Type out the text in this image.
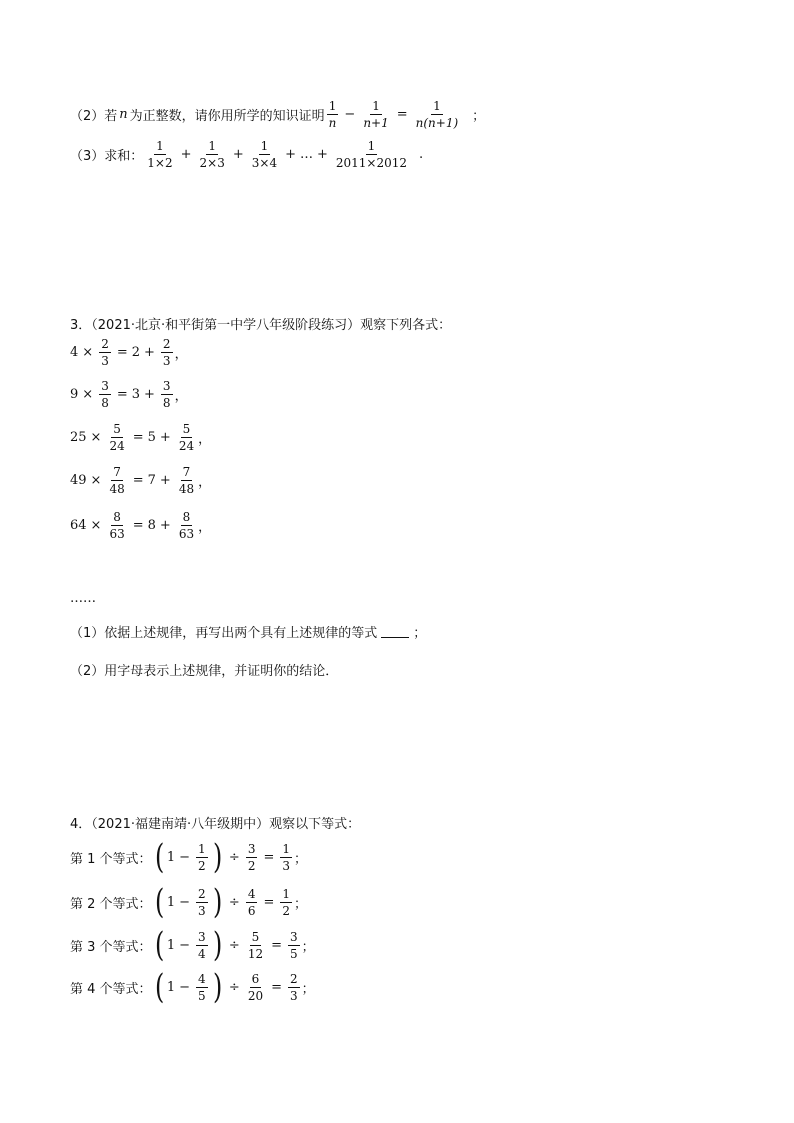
（2）若 n 为正整数，请你用所学的知识证明 $\frac{1}{n} - \frac{1}{n+1} = \frac{1}{n(n+1)}$ ；
（3）求和： $\frac{1}{1\times 2} + \frac{1}{2\times 3} + \frac{1}{3\times 4}$ + … + $\frac{1}{2011\times 2012}$ .
3．（2021·北京·和平街第一中学八年级阶段练习）观察下列各式：
$4 \times \frac{2}{3} = 2 + \frac{2}{3}$ ，
$9 \times \frac{3}{8} = 3 + \frac{3}{8}$ ，
$25 \times \frac{5}{24} = 5 + \frac{5}{24}$ ，
$49 \times \frac{7}{48} = 7 + \frac{7}{48}$ ，
$64 \times \frac{8}{63} = 8 + \frac{8}{63}$ ，
……
（1）依据上述规律，再写出两个具有上述规律的等式	；
（2）用字母表示上述规律，并证明你的结论．
4．（2021·福建南靖·八年级期中）观察以下等式：
第 1 个等式： ( $1 - \frac{1}{2}$ ) ÷ $\frac{3}{2} = \frac{1}{3}$ ；
第 2 个等式： ( $1 - \frac{2}{3}$ ) ÷ $\frac{4}{6} = \frac{1}{2}$ ；
第 3 个等式： ( $1 - \frac{3}{4}$ ) ÷ $\frac{5}{12} = \frac{3}{5}$ ；
第 4 个等式： ( $1 - \frac{4}{5}$ ) ÷ $\frac{6}{20} = \frac{2}{3}$ ；
